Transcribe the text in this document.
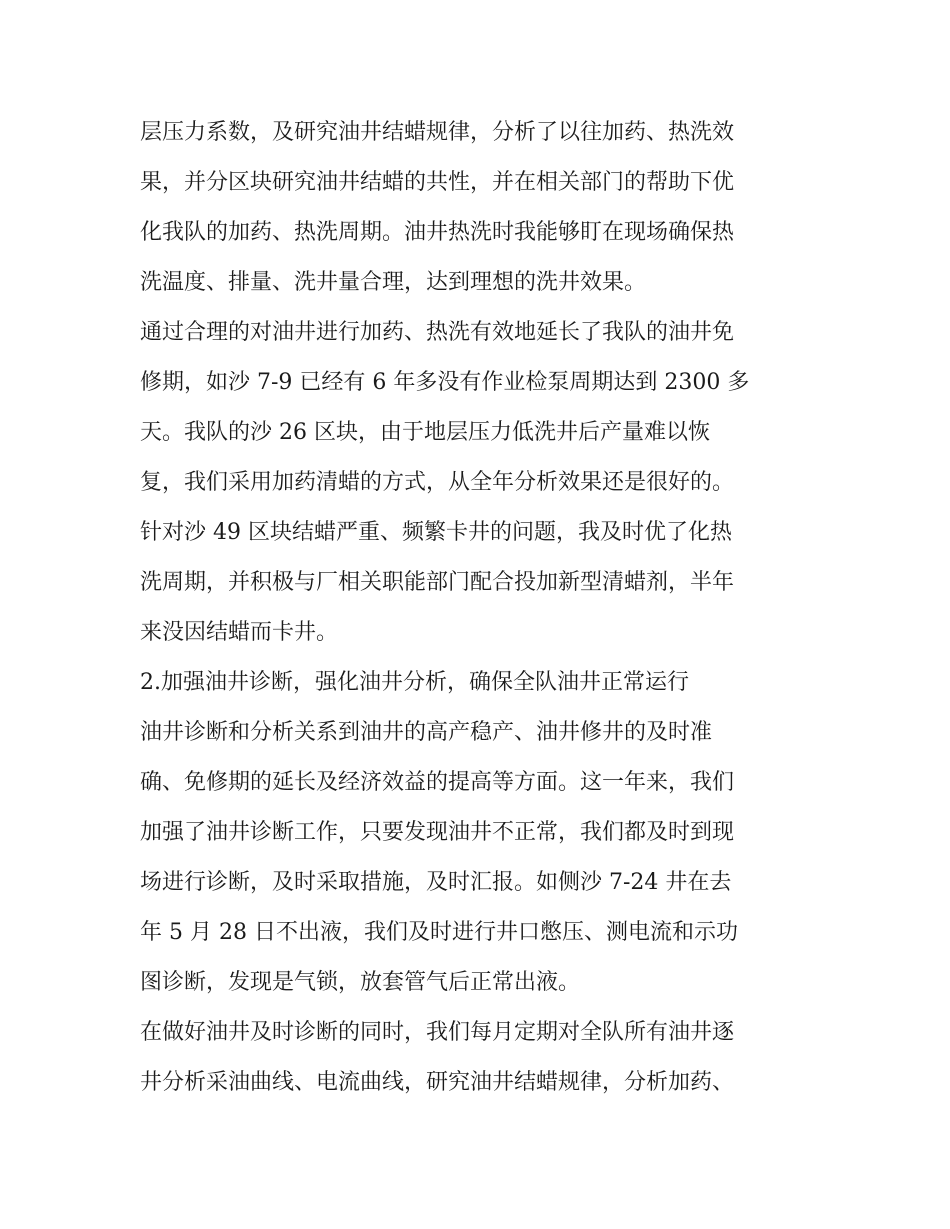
层压力系数，及研究油井结蜡规律，分析了以往加药、热洗效
果，并分区块研究油井结蜡的共性，并在相关部门的帮助下优
化我队的加药、热洗周期。油井热洗时我能够盯在现场确保热
洗温度、排量、洗井量合理，达到理想的洗井效果。
通过合理的对油井进行加药、热洗有效地延长了我队的油井免
修期，如沙 7-9 已经有 6 年多没有作业检泵周期达到 2300 多
天。我队的沙 26 区块，由于地层压力低洗井后产量难以恢
复，我们采用加药清蜡的方式，从全年分析效果还是很好的。
针对沙 49 区块结蜡严重、频繁卡井的问题，我及时优了化热
洗周期，并积极与厂相关职能部门配合投加新型清蜡剂，半年
来没因结蜡而卡井。
2.加强油井诊断，强化油井分析，确保全队油井正常运行
油井诊断和分析关系到油井的高产稳产、油井修井的及时准
确、免修期的延长及经济效益的提高等方面。这一年来，我们
加强了油井诊断工作，只要发现油井不正常，我们都及时到现
场进行诊断，及时采取措施，及时汇报。如侧沙 7-24 井在去
年 5 月 28 日不出液，我们及时进行井口憋压、测电流和示功
图诊断，发现是气锁，放套管气后正常出液。
在做好油井及时诊断的同时，我们每月定期对全队所有油井逐
井分析采油曲线、电流曲线，研究油井结蜡规律，分析加药、
